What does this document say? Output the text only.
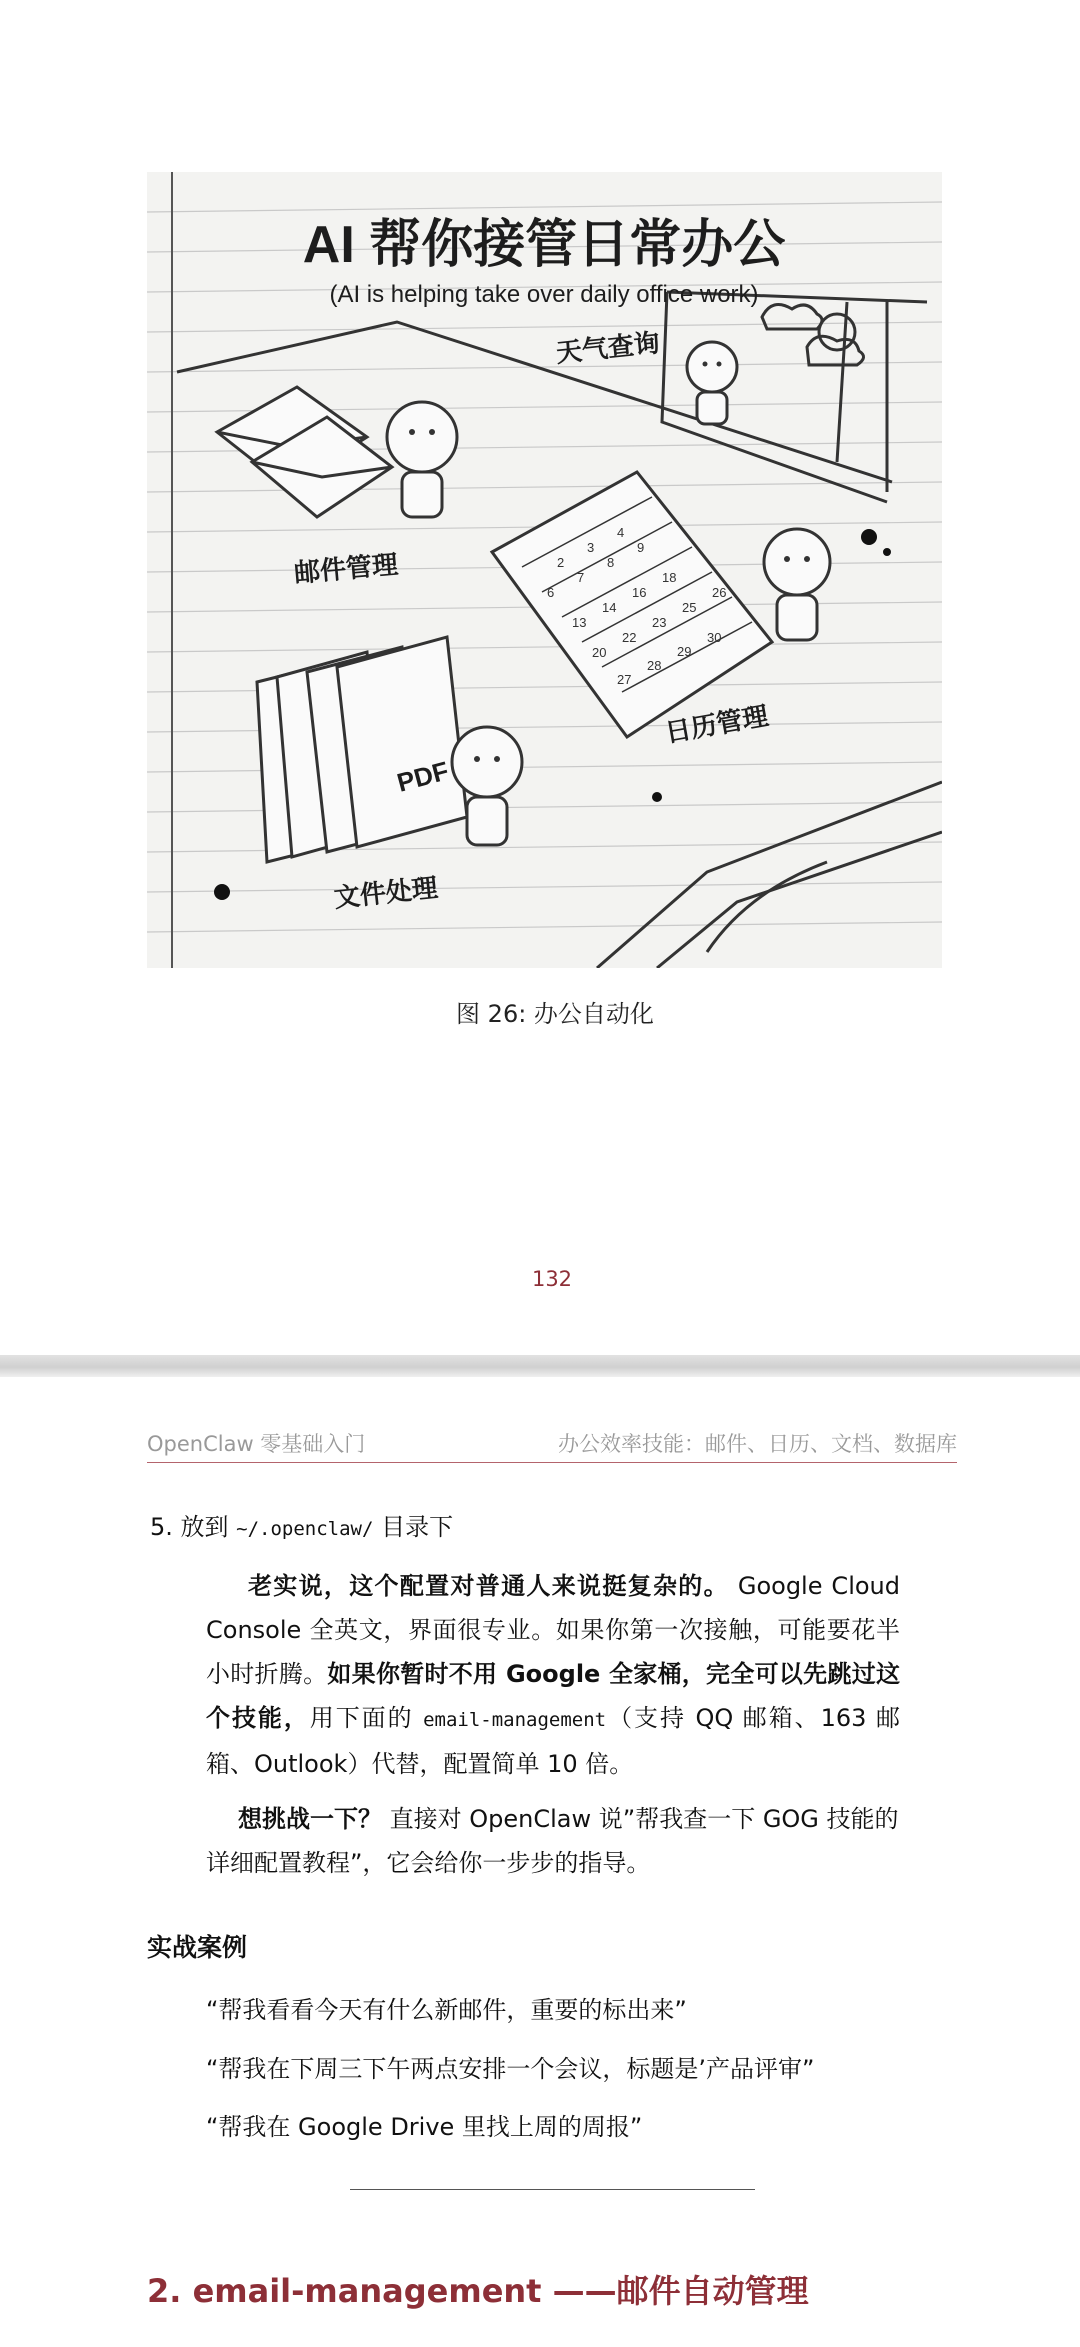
2
3
4
6
7
8
9
13
14
16
18
20
22
23
25
26
27
28
29
30
AI 帮你接管日常办公
(AI is helping take over daily office work)
天气查询
邮件管理
日历管理
文件处理
PDF
图 26: 办公自动化
132
OpenClaw 零基础入门	办公效率技能：邮件、日历、文档、数据库
5. 放到 ~/.openclaw/ 目录下
老实说，这个配置对普通人来说挺复杂的。 Google Cloud Console 全英文，界面很专业。如果你第一次接触，可能要花半小时折腾。如果你暂时不用 Google 全家桶，完全可以先跳过这个技能，用下面的 email-management（支持 QQ 邮箱、163 邮箱、Outlook）代替，配置简单 10 倍。
想挑战一下？ 直接对 OpenClaw 说”帮我查一下 GOG 技能的详细配置教程”，它会给你一步步的指导。
实战案例
“帮我看看今天有什么新邮件，重要的标出来”
“帮我在下周三下午两点安排一个会议，标题是’产品评审”
“帮我在 Google Drive 里找上周的周报”
2. email-management ——邮件自动管理
